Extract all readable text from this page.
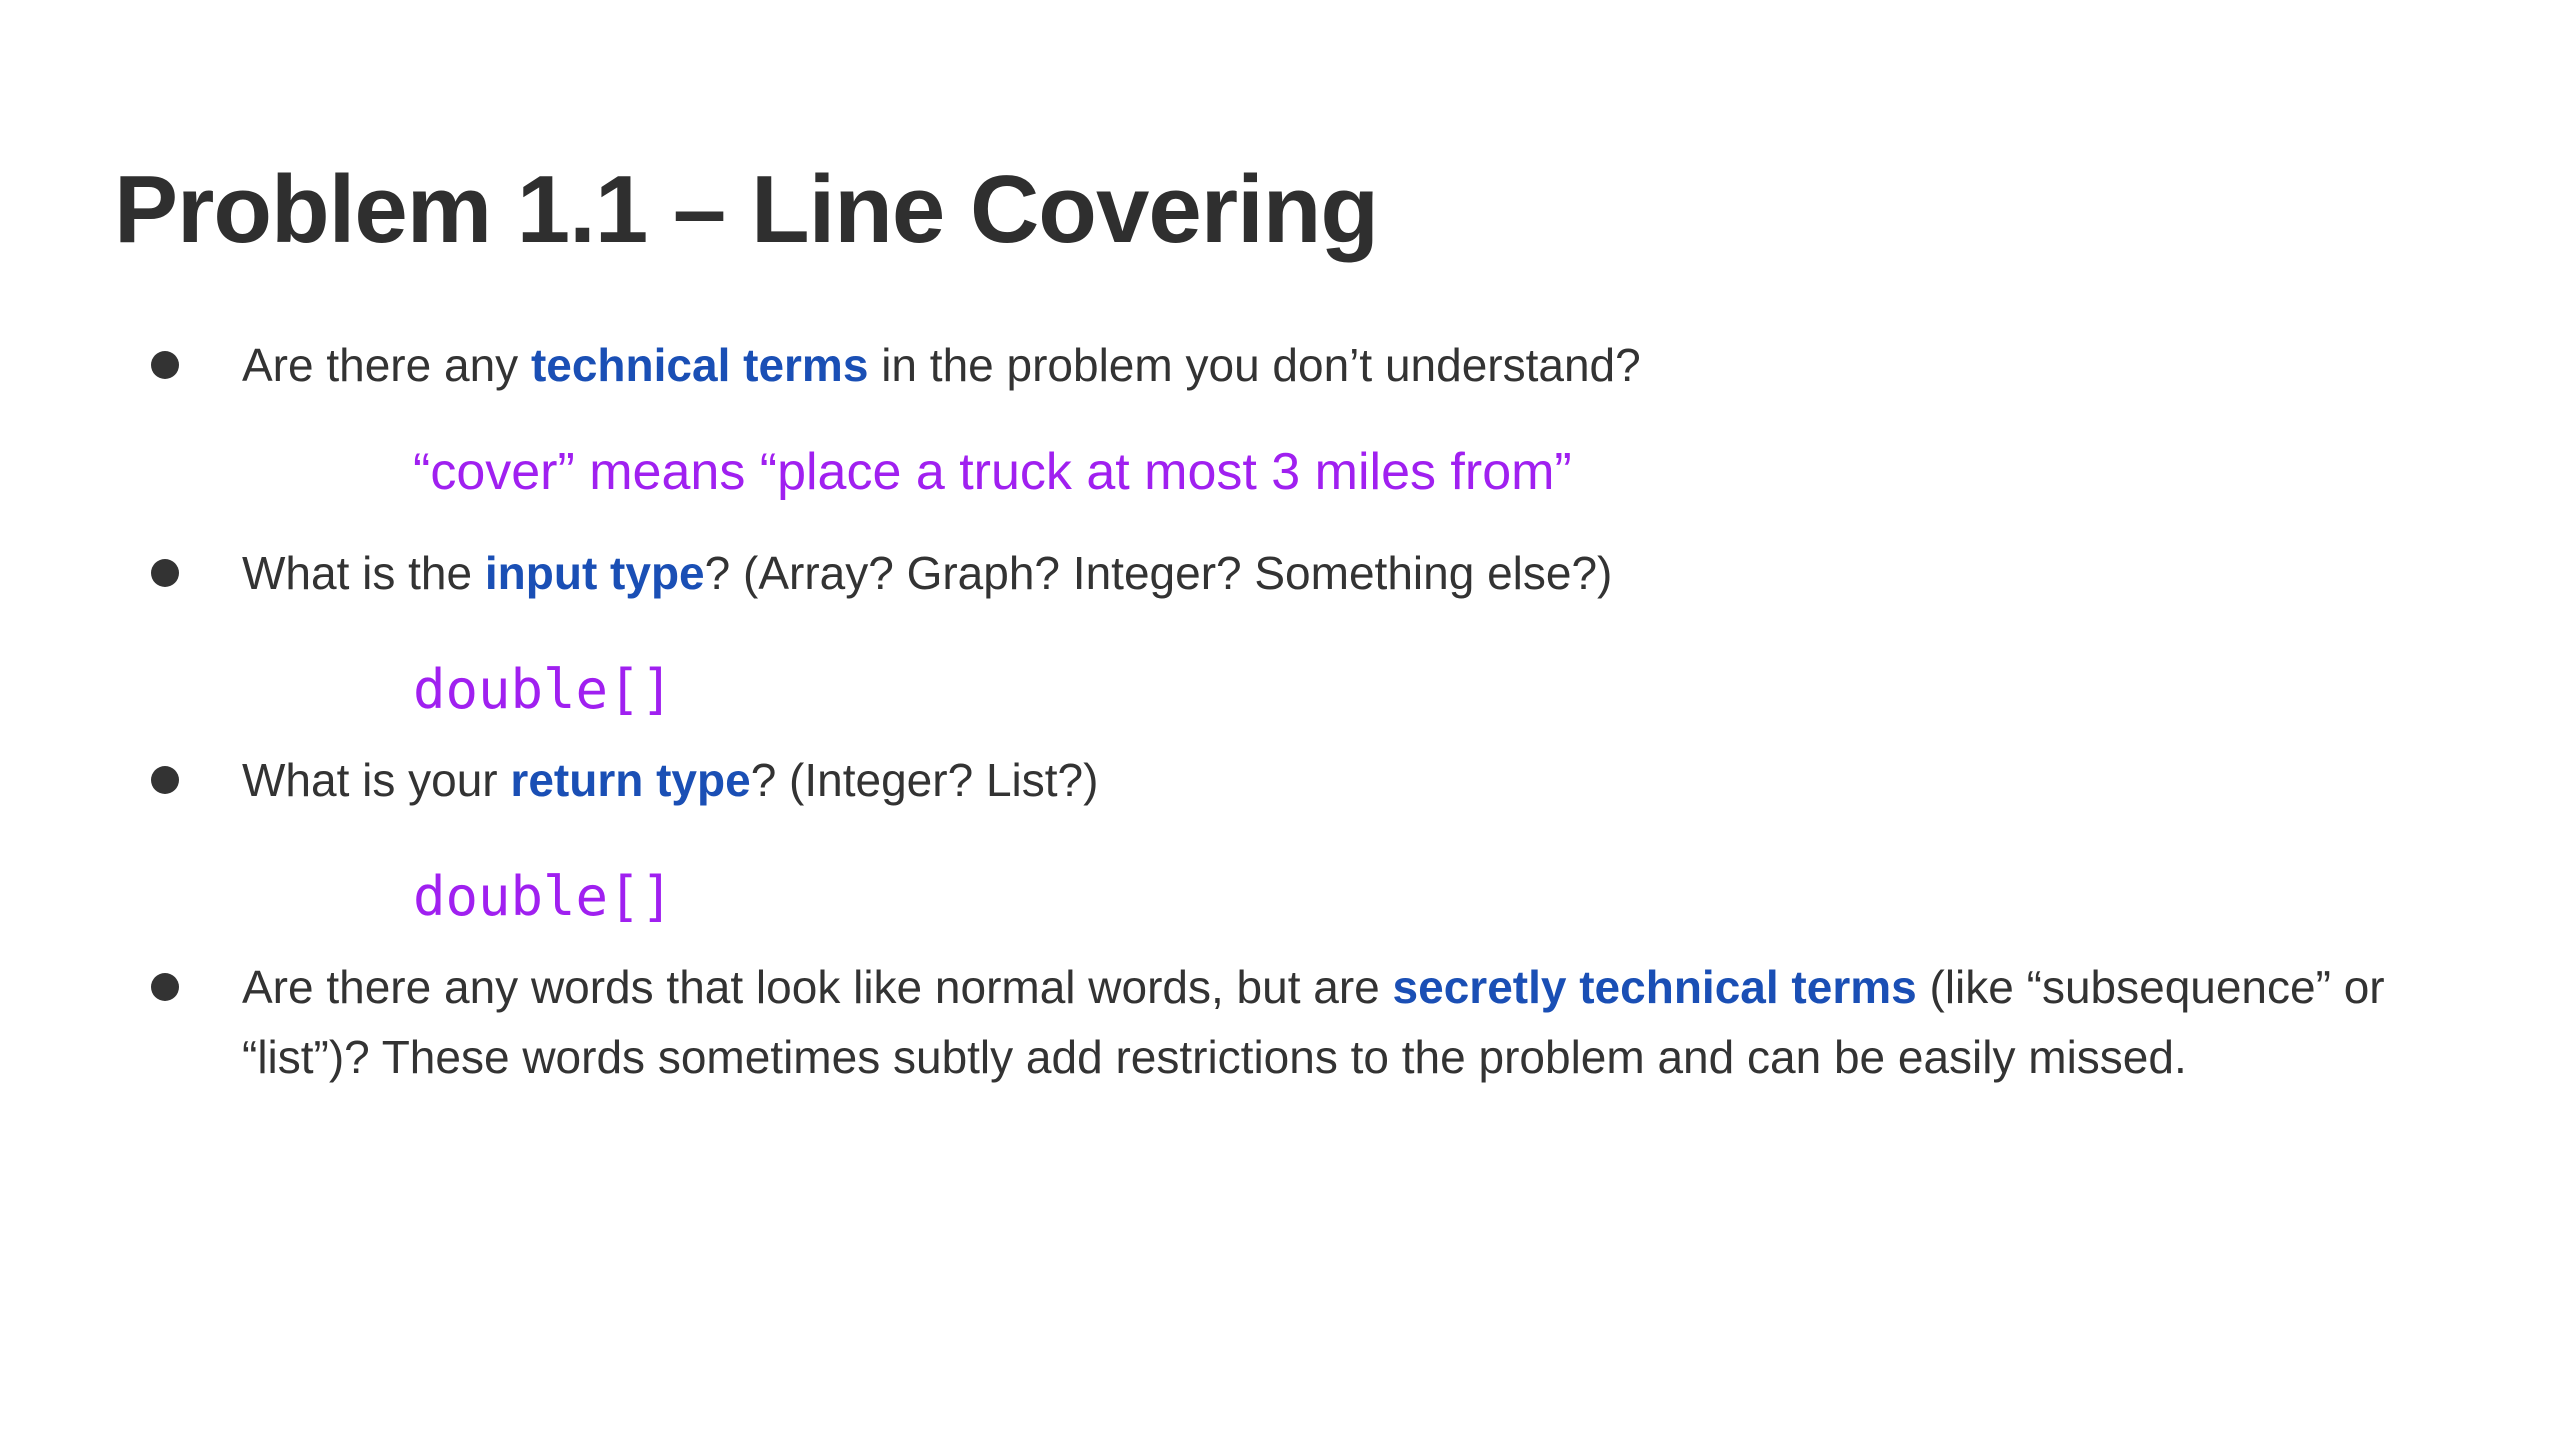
Problem 1.1 – Line Covering

Are there any technical terms in the problem you don’t understand?

“cover” means “place a truck at most 3 miles from”

What is the input type? (Array? Graph? Integer? Something else?)

double[]

What is your return type? (Integer? List?)

double[]

Are there any words that look like normal words, but are secretly technical terms (like “subsequence” or “list”)? These words sometimes subtly add restrictions to the problem and can be easily missed.
